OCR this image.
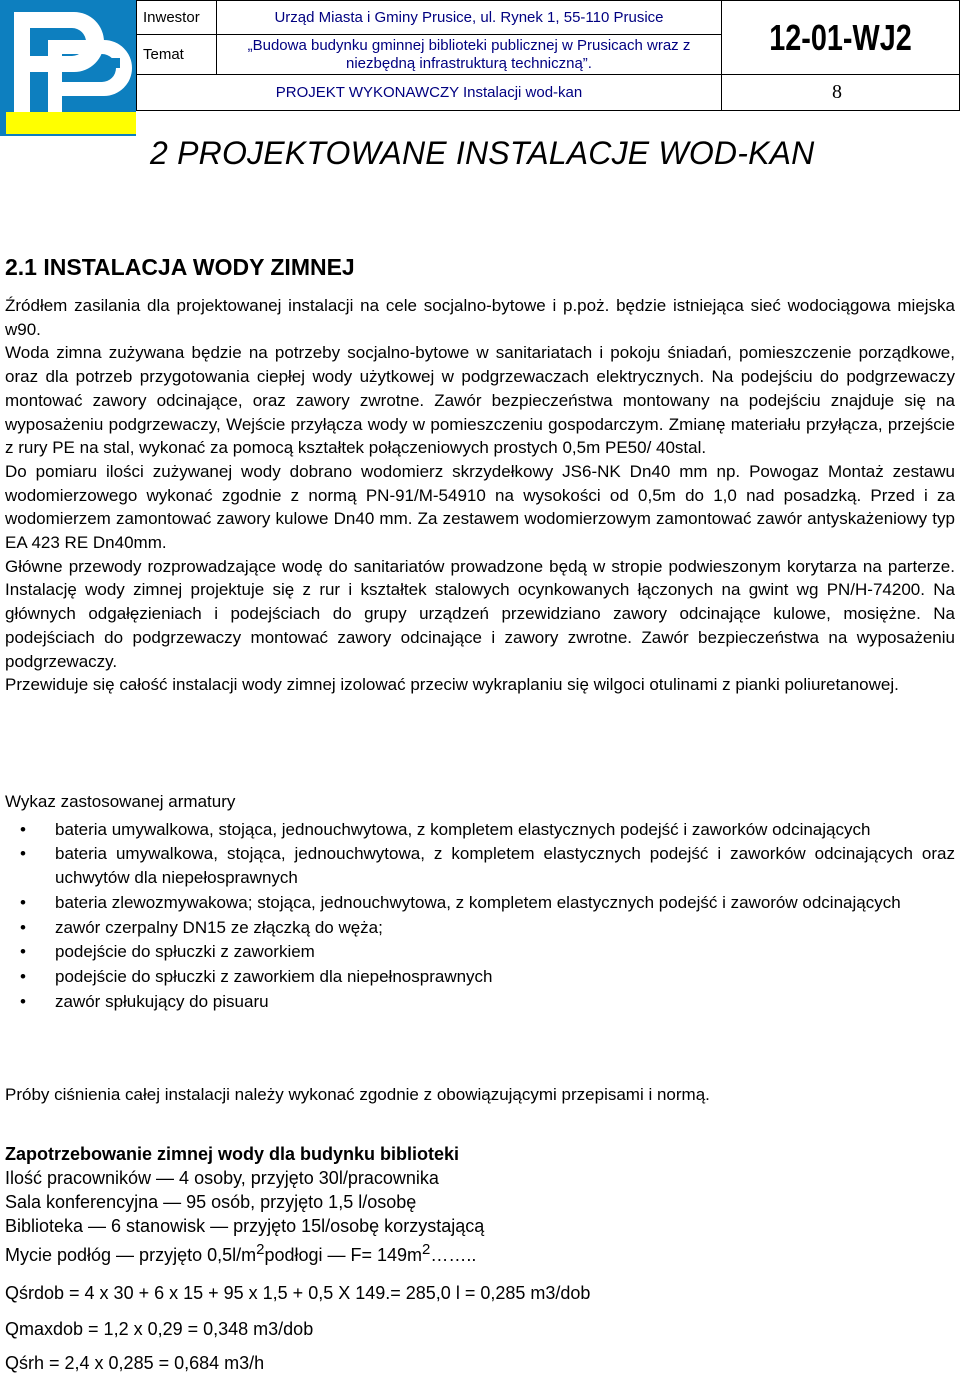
Inwestor	Urząd Miasta i Gminy Prusice, ul. Rynek 1, 55-110 Prusice	12-01-WJ2

Temat	„Budowa budynku gminnej biblioteki publicznej w Prusicach wraz z
niezbędną infrastrukturą techniczną”.	
PROJEKT WYKONAWCZY Instalacji wod-kan		8
2 PROJEKTOWANE INSTALACJE WOD-KAN
2.1 INSTALACJA WODY ZIMNEJ

Źródłem zasilania dla projektowanej instalacji na cele socjalno-bytowe i p.poż. będzie istniejąca sieć wodociągowa miejska w90.

Woda zimna zużywana będzie na potrzeby socjalno-bytowe w sanitariatach i pokoju śniadań, pomieszczenie porządkowe, oraz dla potrzeb przygotowania ciepłej wody użytkowej w podgrzewaczach elektrycznych. Na podejściu do podgrzewaczy montować zawory odcinające, oraz zawory zwrotne. Zawór bezpieczeństwa montowany na podejściu znajduje się na wyposażeniu podgrzewaczy, Wejście przyłącza wody w pomieszczeniu gospodarczym. Zmianę materiału przyłącza, przejście z rury PE na stal, wykonać za pomocą kształtek połączeniowych prostych 0,5m PE50/ 40stal.

Do pomiaru ilości zużywanej wody dobrano wodomierz skrzydełkowy JS6-NK Dn40 mm np. Powogaz Montaż zestawu wodomierzowego wykonać zgodnie z normą PN-91/M-54910 na wysokości od 0,5m do 1,0 nad posadzką. Przed i za wodomierzem zamontować zawory kulowe Dn40 mm. Za zestawem wodomierzowym zamontować zawór antyskażeniowy typ EA 423 RE Dn40mm.

Główne przewody rozprowadzające wodę do sanitariatów prowadzone będą w stropie podwieszonym korytarza na parterze. Instalację wody zimnej projektuje się z rur i kształtek stalowych ocynkowanych łączonych na gwint wg PN/H-74200. Na głównych odgałęzieniach i podejściach do grupy urządzeń przewidziano zawory odcinające kulowe, mosiężne. Na podejściach do podgrzewaczy montować zawory odcinające i zawory zwrotne. Zawór bezpieczeństwa na wyposażeniu podgrzewaczy.

Przewiduje się całość instalacji wody zimnej izolować przeciw wykraplaniu się wilgoci otulinami z pianki poliuretanowej.

Wykaz zastosowanej armatury

• bateria umywalkowa, stojąca, jednouchwytowa, z kompletem elastycznych podejść i zaworków odcinających
• bateria umywalkowa, stojąca, jednouchwytowa, z kompletem elastycznych podejść i zaworków odcinających oraz uchwytów dla niepełosprawnych
• bateria zlewozmywakowa; stojąca, jednouchwytowa, z kompletem elastycznych podejść i zaworów odcinających
• zawór czerpalny DN15 ze złączką do węża;
• podejście do spłuczki z zaworkiem
• podejście do spłuczki z zaworkiem dla niepełnosprawnych
• zawór spłukujący do pisuaru
Próby ciśnienia całej instalacji należy wykonać zgodnie z obowiązującymi przepisami i normą.
Zapotrzebowanie zimnej wody dla budynku biblioteki
Ilość pracowników — 4 osoby, przyjęto 30l/pracownika
Sala konferencyjna — 95 osób, przyjęto 1,5 l/osobę
Biblioteka — 6 stanowisk — przyjęto 15l/osobę korzystającą
Mycie podłóg — przyjęto $0,5l/m^2podłogi$ — $F= 149m^2\dots\dots$..

Qśrdob = 4 x 30 + 6 x 15 + 95 x 1,5 + 0,5 X 149.= 285,0 l = 0,285 m3/dob

Qmaxdob = 1,2 x 0,29 = 0,348 m3/dob

Qśrh = 2,4 x 0,285 = 0,684 m3/h
